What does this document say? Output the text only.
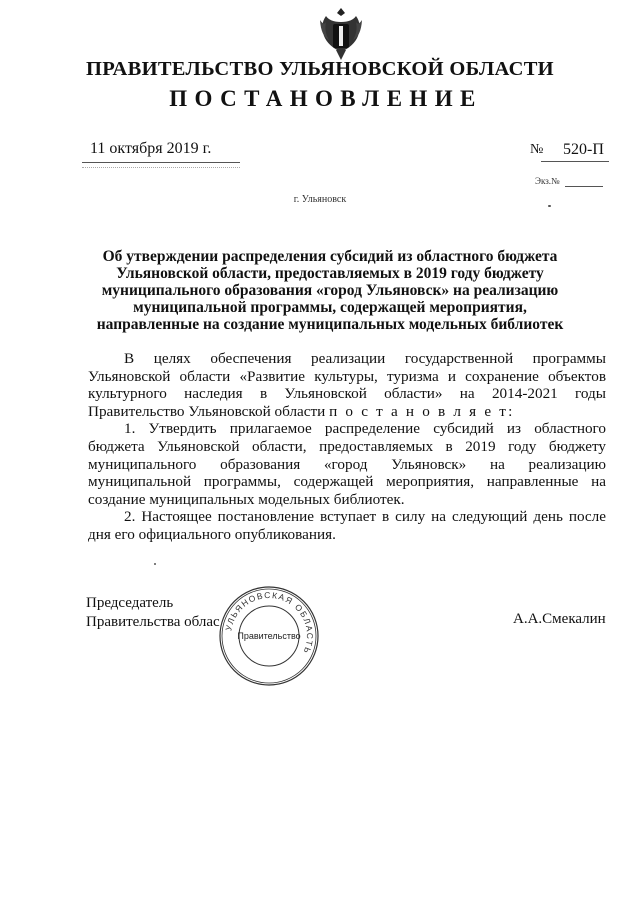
ПРАВИТЕЛЬСТВО УЛЬЯНОВСКОЙ ОБЛАСТИ
ПОСТАНОВЛЕНИЕ
11 октября 2019 г.	№ 520-П
Экз.№
г. Ульяновск
Об утверждении распределения субсидий из областного бюджета Ульяновской области, предоставляемых в 2019 году бюджету муниципального образования «город Ульяновск» на реализацию муниципальной программы, содержащей мероприятия, направленные на создание муниципальных модельных библиотек

В целях обеспечения реализации государственной программы Ульяновской области «Развитие культуры, туризма и сохранение объектов культурного наследия в Ульяновской области» на 2014-2021 годы Правительство Ульяновской области п о с т а н о в л я е т:

1. Утвердить прилагаемое распределение субсидий из областного бюджета Ульяновской области, предоставляемых в 2019 году бюджету муниципального образования «город Ульяновск» на реализацию муниципальной программы, содержащей мероприятия, направленные на создание муниципальных модельных библиотек.

2. Настоящее постановление вступает в силу на следующий день после дня его официального опубликования.

Председатель
Правительства облас	А.А.Смекалин
УЛЬЯНОВСКАЯ ОБЛАСТЬ
Правительство
